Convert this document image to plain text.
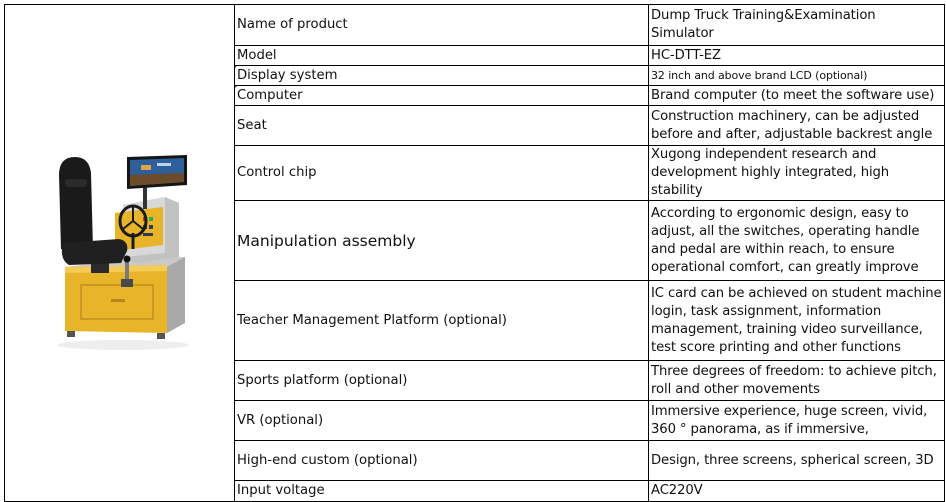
	Name of product	Dump Truck Training&Examination Simulator
	Model	HC-DTT-EZ
	Display system	32 inch and above brand LCD (optional)
	Computer	Brand computer (to meet the software use)
	Seat	Construction machinery, can be adjusted before and after, adjustable backrest angle
	Control chip	Xugong independent research and development highly integrated, high stability
	Manipulation assembly	According to ergonomic design, easy to adjust, all the switches, operating handle and pedal are within reach, to ensure operational comfort, can greatly improve
	Teacher Management Platform (optional)	IC card can be achieved on student machine login, task assignment, information management, training video surveillance, test score printing and other functions
	Sports platform (optional)	Three degrees of freedom: to achieve pitch, roll and other movements
	VR (optional)	Immersive experience, huge screen, vivid, 360 ° panorama, as if immersive,
	High-end custom (optional)	Design, three screens, spherical screen, 3D
	Input voltage	AC220V
